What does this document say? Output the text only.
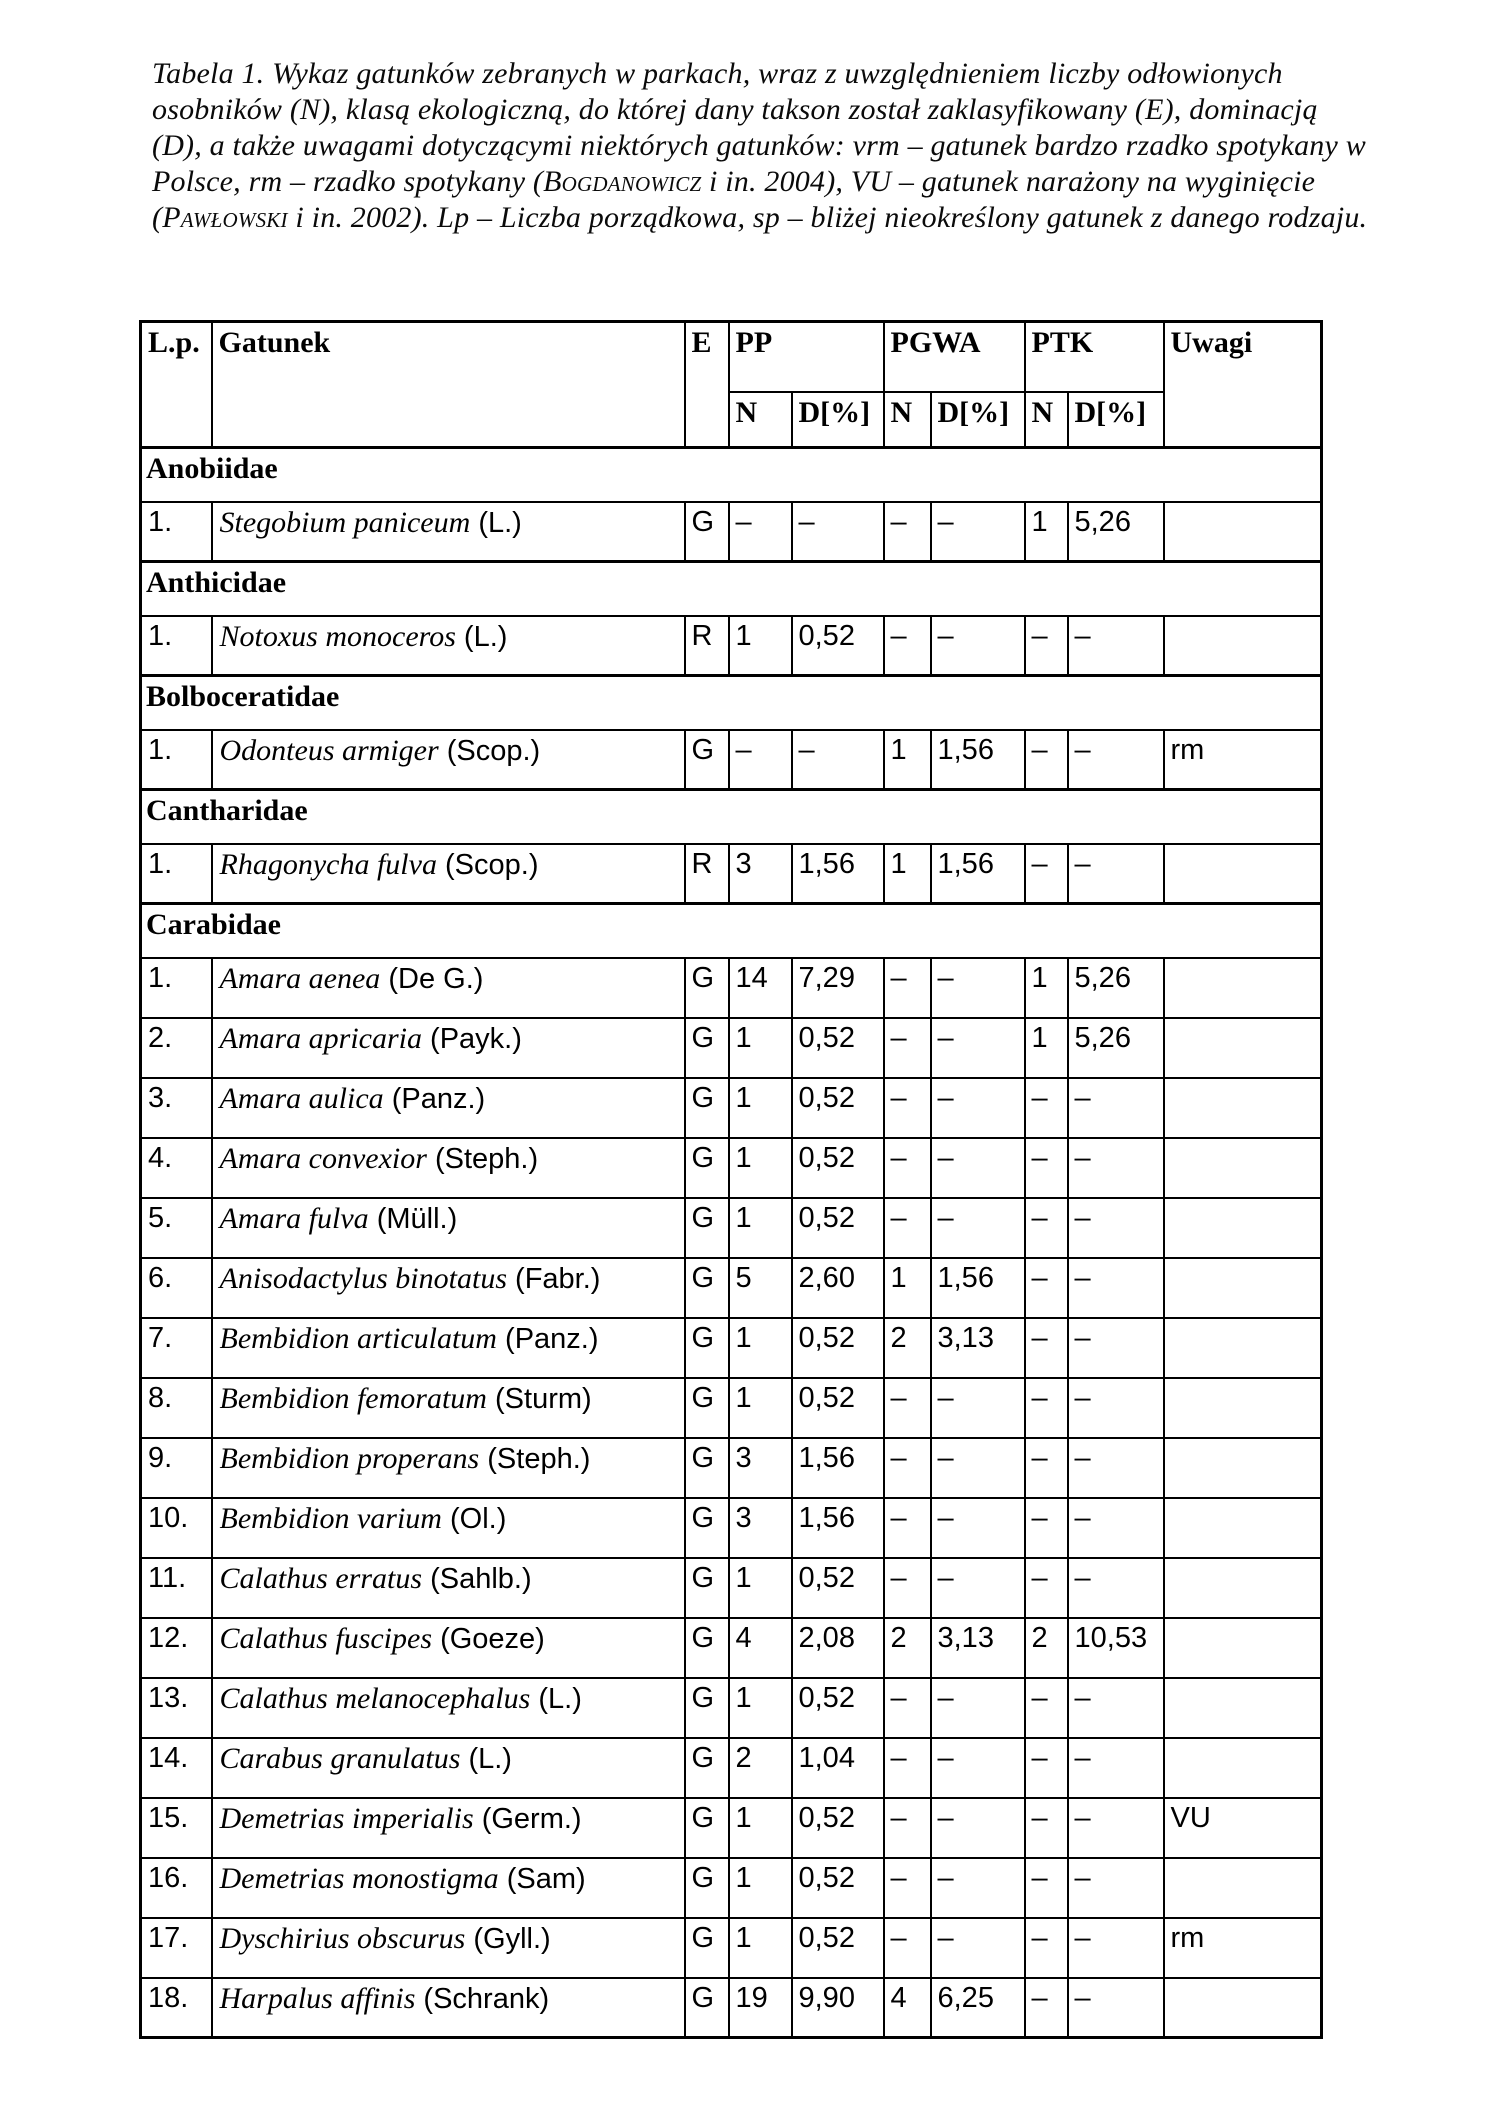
Tabela 1. Wykaz gatunków zebranych w parkach, wraz z uwzględnieniem liczby odłowionych osobników (N), klasą ekologiczną, do której dany takson został zaklasyfikowany (E), dominacją (D), a także uwagami dotyczącymi niektórych gatunków: vrm – gatunek bardzo rzadko spotykany w Polsce, rm – rzadko spotykany (Bogdanowicz i in. 2004), VU – gatunek narażony na wyginięcie (Pawłowski i in. 2002). Lp – Liczba porządkowa, sp – bliżej nieokreślony gatunek z danego rodzaju.

L.p.	Gatunek	E	PP		PGWA		PTK		Uwagi
			N	D[%]	N	D[%]	N	D[%]	
Anobiidae									
1.	Stegobium paniceum (L.)	G	–	–	–	–	1	5,26	
Anthicidae									
1.	Notoxus monoceros (L.)	R	1	0,52	–	–	–	–	
Bolboceratidae									
1.	Odonteus armiger (Scop.)	G	–	–	1	1,56	–	–	rm
Cantharidae									
1.	Rhagonycha fulva (Scop.)	R	3	1,56	1	1,56	–	–	
Carabidae									
1.	Amara aenea (De G.)	G	14	7,29	–	–	1	5,26	
2.	Amara apricaria (Payk.)	G	1	0,52	–	–	1	5,26	
3.	Amara aulica (Panz.)	G	1	0,52	–	–	–	–	
4.	Amara convexior (Steph.)	G	1	0,52	–	–	–	–	
5.	Amara fulva (Müll.)	G	1	0,52	–	–	–	–	
6.	Anisodactylus binotatus (Fabr.)	G	5	2,60	1	1,56	–	–	
7.	Bembidion articulatum (Panz.)	G	1	0,52	2	3,13	–	–	
8.	Bembidion femoratum (Sturm)	G	1	0,52	–	–	–	–	
9.	Bembidion properans (Steph.)	G	3	1,56	–	–	–	–	
10.	Bembidion varium (Ol.)	G	3	1,56	–	–	–	–	
11.	Calathus erratus (Sahlb.)	G	1	0,52	–	–	–	–	
12.	Calathus fuscipes (Goeze)	G	4	2,08	2	3,13	2	10,53	
13.	Calathus melanocephalus (L.)	G	1	0,52	–	–	–	–	
14.	Carabus granulatus (L.)	G	2	1,04	–	–	–	–	
15.	Demetrias imperialis (Germ.)	G	1	0,52	–	–	–	–	VU
16.	Demetrias monostigma (Sam)	G	1	0,52	–	–	–	–	
17.	Dyschirius obscurus (Gyll.)	G	1	0,52	–	–	–	–	rm
18.	Harpalus affinis (Schrank)	G	19	9,90	4	6,25	–	–	
